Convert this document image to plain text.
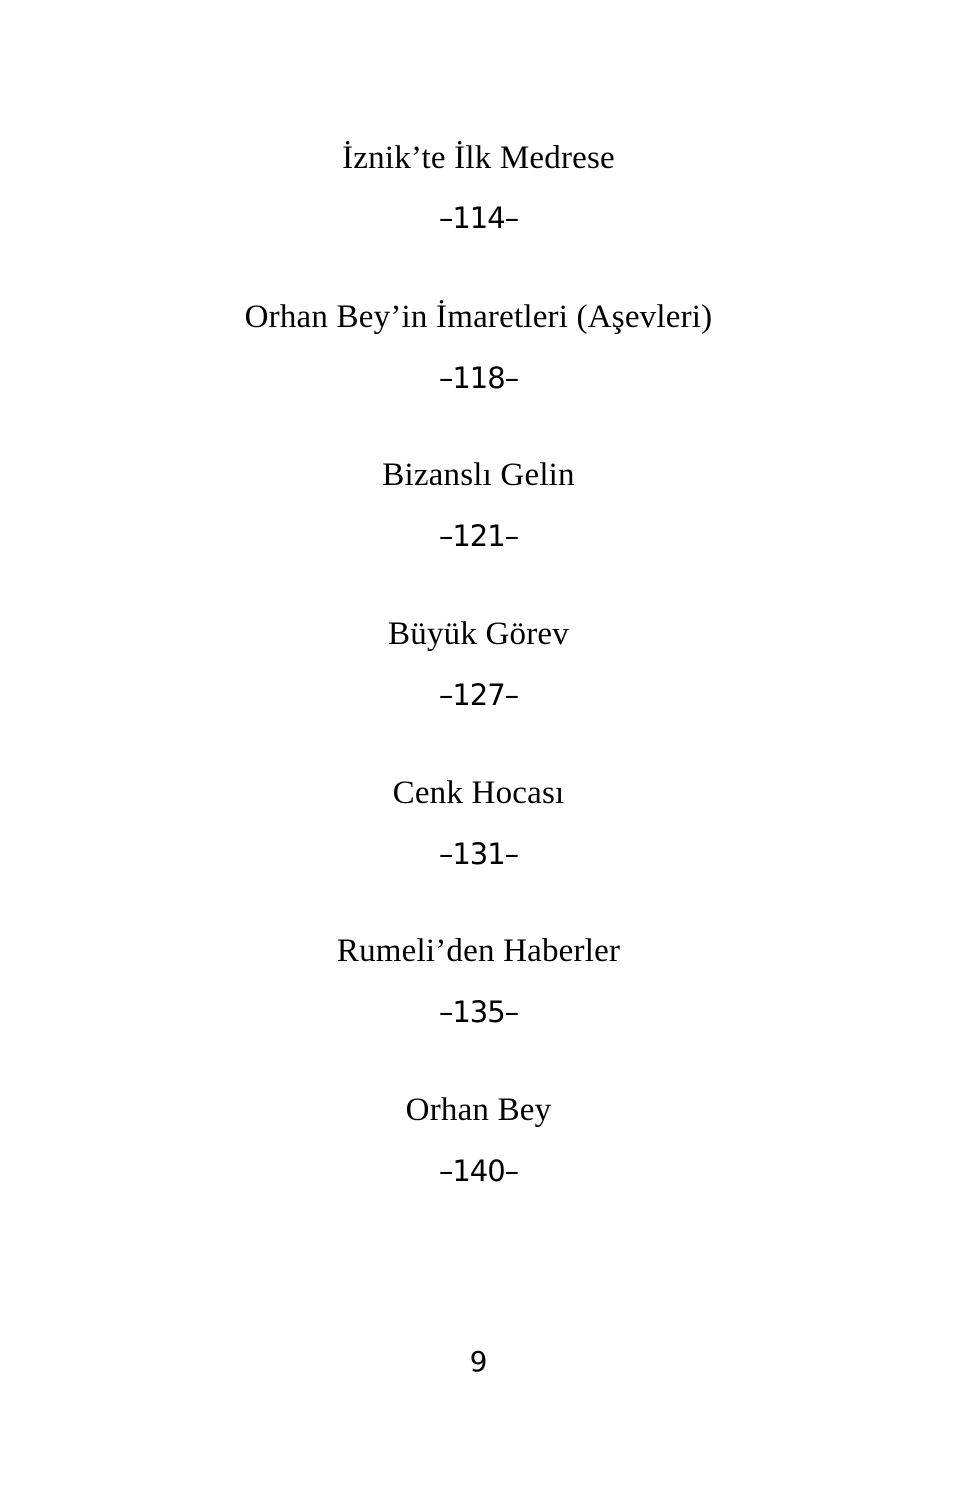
İznik’te İlk Medrese
–114–
Orhan Bey’in İmaretleri (Aşevleri)
–118–
Bizanslı Gelin
–121–
Büyük Görev
–127–
Cenk Hocası
–131–
Rumeli’den Haberler
–135–
Orhan Bey
–140–
9
